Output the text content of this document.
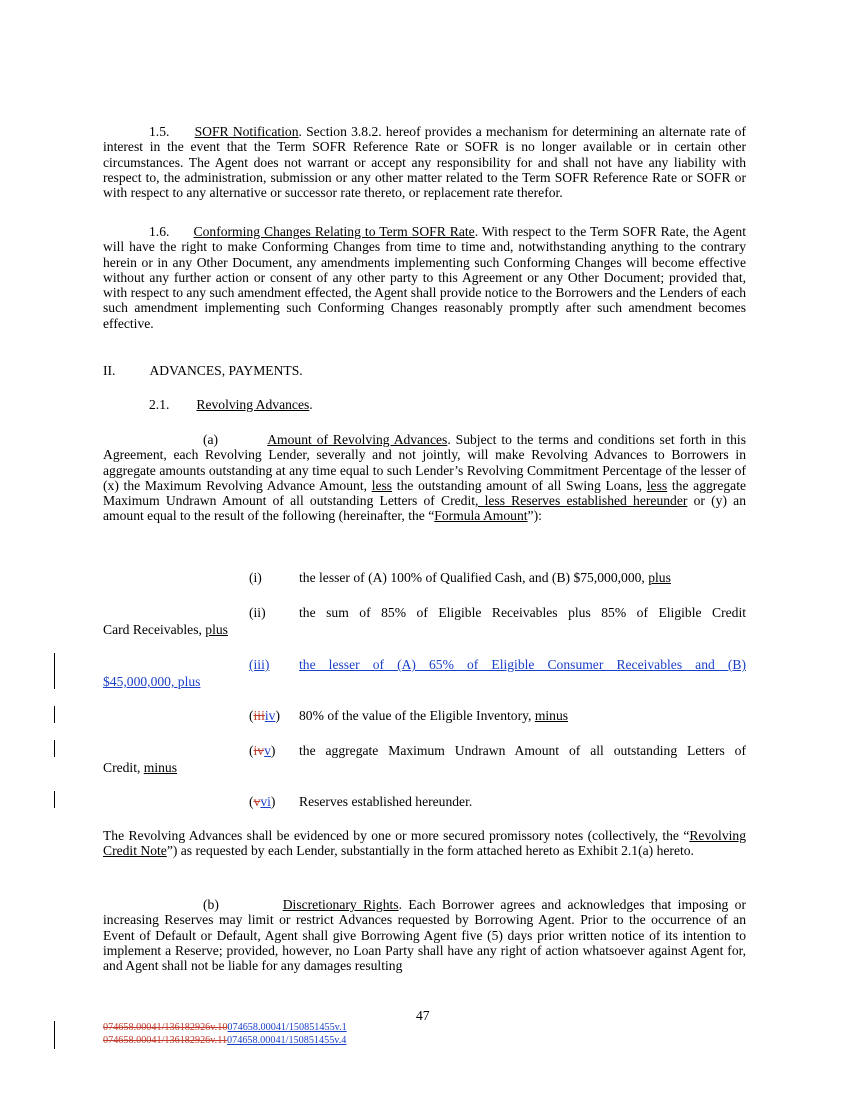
1.5. SOFR Notification. Section 3.8.2. hereof provides a mechanism for determining an alternate rate of interest in the event that the Term SOFR Reference Rate or SOFR is no longer available or in certain other circumstances. The Agent does not warrant or accept any responsibility for and shall not have any liability with respect to, the administration, submission or any other matter related to the Term SOFR Reference Rate or SOFR or with respect to any alternative or successor rate thereto, or replacement rate therefor.

1.6. Conforming Changes Relating to Term SOFR Rate. With respect to the Term SOFR Rate, the Agent will have the right to make Conforming Changes from time to time and, notwithstanding anything to the contrary herein or in any Other Document, any amendments implementing such Conforming Changes will become effective without any further action or consent of any other party to this Agreement or any Other Document; provided that, with respect to any such amendment effected, the Agent shall provide notice to the Borrowers and the Lenders of each such amendment implementing such Conforming Changes reasonably promptly after such amendment becomes effective.

II.	ADVANCES, PAYMENTS.
2.1. Revolving Advances.

(a)	Amount of Revolving Advances. Subject to the terms and conditions set forth in this Agreement, each Revolving Lender, severally and not jointly, will make Revolving Advances to Borrowers in aggregate amounts outstanding at any time equal to such Lender’s Revolving Commitment Percentage of the lesser of (x) the Maximum Revolving Advance Amount, less the outstanding amount of all Swing Loans, less the aggregate Maximum Undrawn Amount of all outstanding Letters of Credit, less Reserves established hereunder or (y) an amount equal to the result of the following (hereinafter, the “Formula Amount”):

(i)	the lesser of (A) 100% of Qualified Cash, and (B) $75,000,000, plus
(ii) the sum of 85% of Eligible Receivables plus 85% of Eligible Credit
Card Receivables, plus
(iii) the lesser of (A) 65% of Eligible Consumer Receivables and (B)
$45,000,000, plus
(iiiiv) 80% of the value of the Eligible Inventory, minus
(ivv) the aggregate Maximum Undrawn Amount of all outstanding Letters of
Credit, minus
(vvi) Reserves established hereunder.

The Revolving Advances shall be evidenced by one or more secured promissory notes (collectively, the “Revolving Credit Note”) as requested by each Lender, substantially in the form attached hereto as Exhibit 2.1(a) hereto.

(b)	Discretionary Rights. Each Borrower agrees and acknowledges that imposing or increasing Reserves may limit or restrict Advances requested by Borrowing Agent. Prior to the occurrence of an Event of Default or Default, Agent shall give Borrowing Agent five (5) days prior written notice of its intention to implement a Reserve; provided, however, no Loan Party shall have any right of action whatsoever against Agent for, and Agent shall not be liable for any damages resulting

47
074658.00041/136182926v.10074658.00041/150851455v.1
074658.00041/136182926v.11074658.00041/150851455v.4
